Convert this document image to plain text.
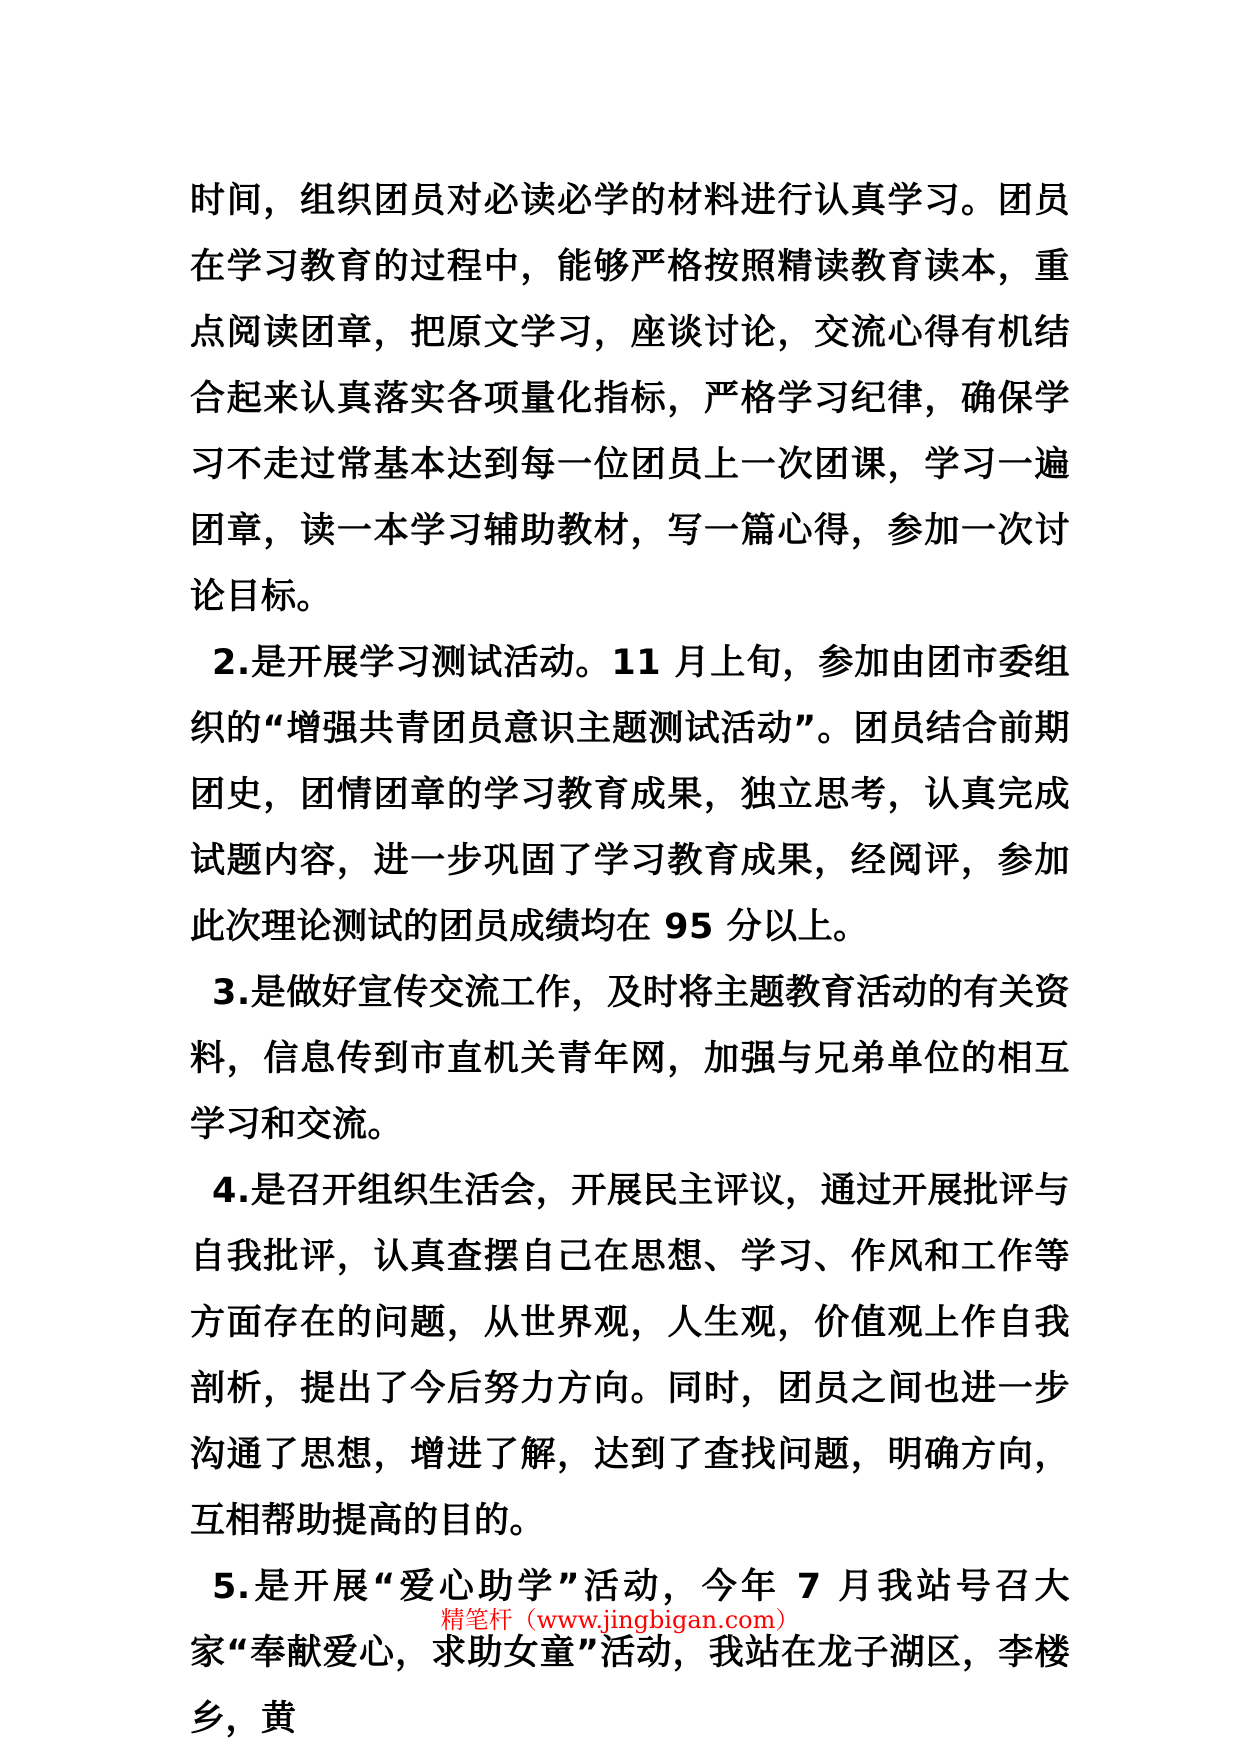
时间，组织团员对必读必学的材料进行认真学习。团员在学习教育的过程中，能够严格按照精读教育读本，重点阅读团章，把原文学习，座谈讨论，交流心得有机结合起来认真落实各项量化指标，严格学习纪律，确保学习不走过常基本达到每一位团员上一次团课，学习一遍团章，读一本学习辅助教材，写一篇心得，参加一次讨论目标。

2.是开展学习测试活动。11 月上旬，参加由团市委组织的“增强共青团员意识主题测试活动”。团员结合前期团史，团情团章的学习教育成果，独立思考，认真完成试题内容，进一步巩固了学习教育成果，经阅评，参加此次理论测试的团员成绩均在 95 分以上。

3.是做好宣传交流工作，及时将主题教育活动的有关资料，信息传到市直机关青年网，加强与兄弟单位的相互学习和交流。

4.是召开组织生活会，开展民主评议，通过开展批评与自我批评，认真查摆自己在思想、学习、作风和工作等方面存在的问题，从世界观，人生观，价值观上作自我剖析，提出了今后努力方向。同时，团员之间也进一步沟通了思想，增进了解，达到了查找问题，明确方向，互相帮助提高的目的。

5.是开展“爱心助学”活动，今年 7 月我站号召大家“奉献爱心，求助女童”活动，我站在龙子湖区，李楼乡，黄

精笔杆（www.jingbigan.com）
